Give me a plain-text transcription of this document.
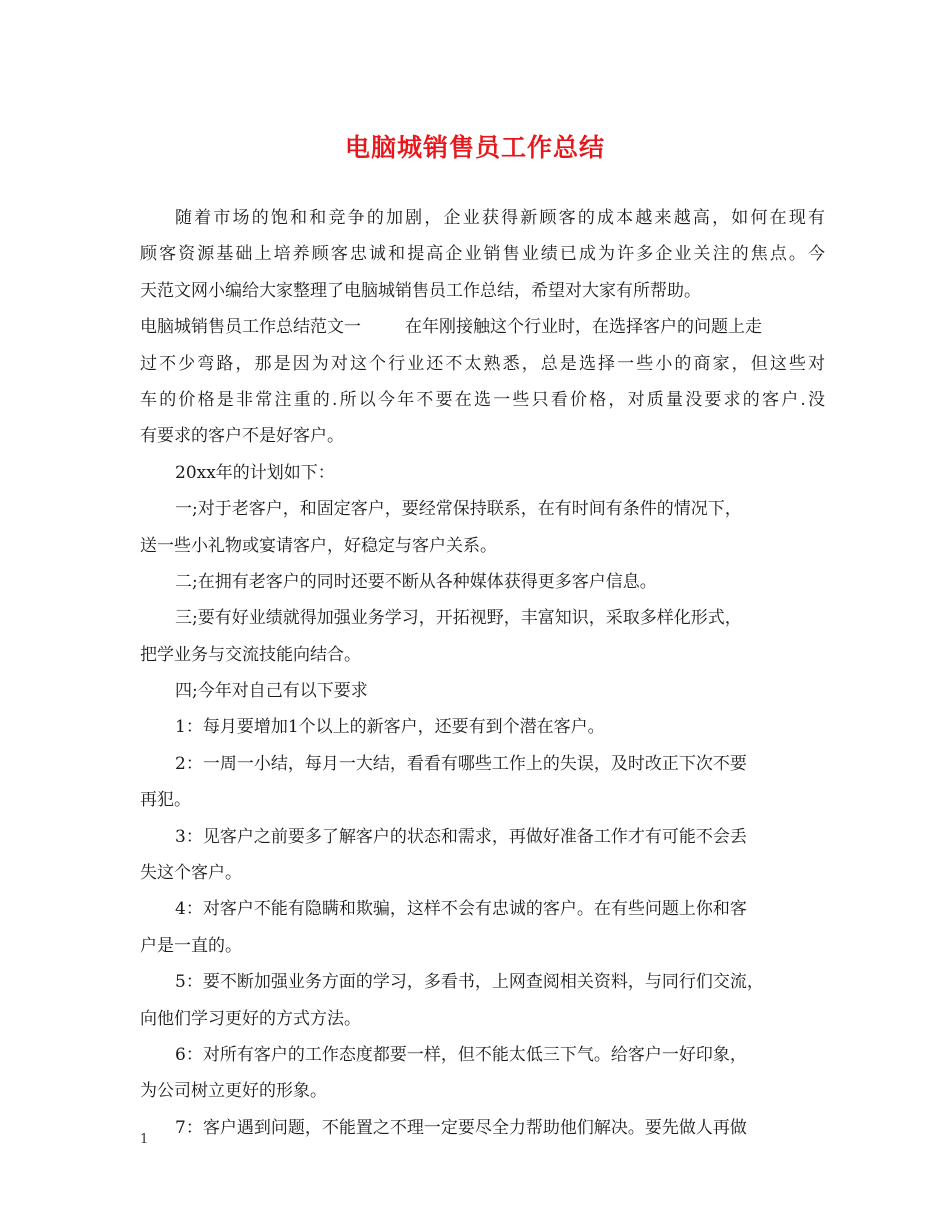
电脑城销售员工作总结
随着市场的饱和和竞争的加剧，企业获得新顾客的成本越来越高，如何在现有
顾客资源基础上培养顾客忠诚和提高企业销售业绩已成为许多企业关注的焦点。今
天范文网小编给大家整理了电脑城销售员工作总结，希望对大家有所帮助。
电脑城销售员工作总结范文一	在年刚接触这个行业时，在选择客户的问题上走
过不少弯路，那是因为对这个行业还不太熟悉，总是选择一些小的商家，但这些对
车的价格是非常注重的.所以今年不要在选一些只看价格，对质量没要求的客户.没
有要求的客户不是好客户。
20xx年的计划如下：
一;对于老客户，和固定客户，要经常保持联系，在有时间有条件的情况下，
送一些小礼物或宴请客户，好稳定与客户关系。
二;在拥有老客户的同时还要不断从各种媒体获得更多客户信息。
三;要有好业绩就得加强业务学习，开拓视野，丰富知识，采取多样化形式，
把学业务与交流技能向结合。
四;今年对自己有以下要求
1：每月要增加1个以上的新客户，还要有到个潜在客户。
2：一周一小结，每月一大结，看看有哪些工作上的失误，及时改正下次不要
再犯。
3：见客户之前要多了解客户的状态和需求，再做好准备工作才有可能不会丢
失这个客户。
4：对客户不能有隐瞒和欺骗，这样不会有忠诚的客户。在有些问题上你和客
户是一直的。
5：要不断加强业务方面的学习，多看书，上网查阅相关资料，与同行们交流，
向他们学习更好的方式方法。
6：对所有客户的工作态度都要一样，但不能太低三下气。给客户一好印象，
为公司树立更好的形象。
7：客户遇到问题，不能置之不理一定要尽全力帮助他们解决。要先做人再做
1
